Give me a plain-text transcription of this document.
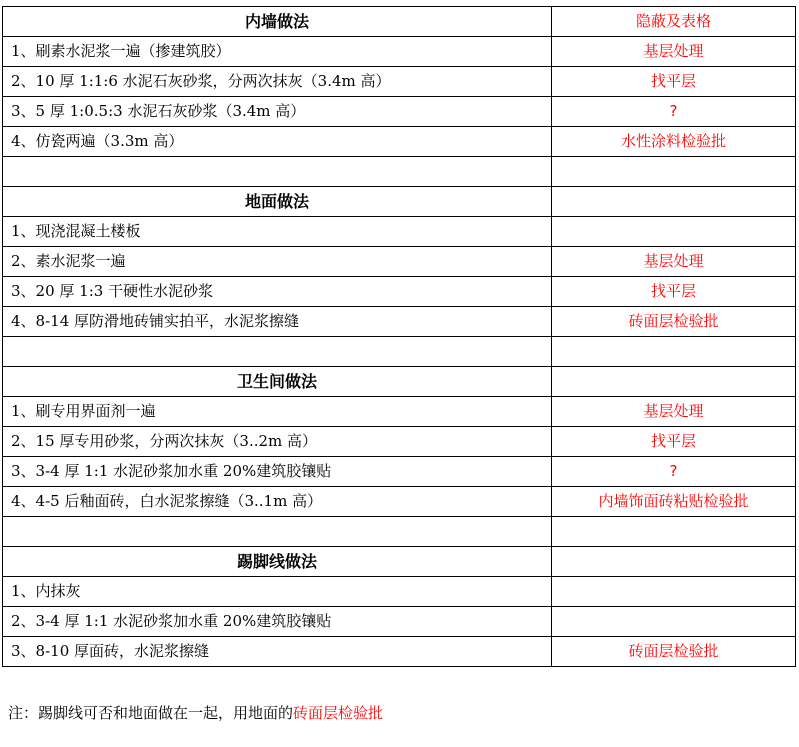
内墙做法	隐蔽及表格
1、刷素水泥浆一遍（掺建筑胶）	基层处理
2、10 厚 1:1:6 水泥石灰砂浆，分两次抹灰（3.4m 高）	找平层
3、5 厚 1:0.5:3 水泥石灰砂浆（3.4m 高）	?
4、仿瓷两遍（3.3m 高）	水性涂料检验批

地面做法	
1、现浇混凝土楼板	
2、素水泥浆一遍	基层处理
3、20 厚 1:3 干硬性水泥砂浆	找平层
4、8-14 厚防滑地砖铺实拍平，水泥浆擦缝	砖面层检验批

卫生间做法	
1、刷专用界面剂一遍	基层处理
2、15 厚专用砂浆，分两次抹灰（3..2m 高）	找平层
3、3-4 厚 1:1 水泥砂浆加水重 20%建筑胶镶贴	?
4、4-5 后釉面砖，白水泥浆擦缝（3..1m 高）	内墙饰面砖粘贴检验批

踢脚线做法	
1、内抹灰	
2、3-4 厚 1:1 水泥砂浆加水重 20%建筑胶镶贴	
3、8-10 厚面砖，水泥浆擦缝	砖面层检验批
注：踢脚线可否和地面做在一起，用地面的砖面层检验批
